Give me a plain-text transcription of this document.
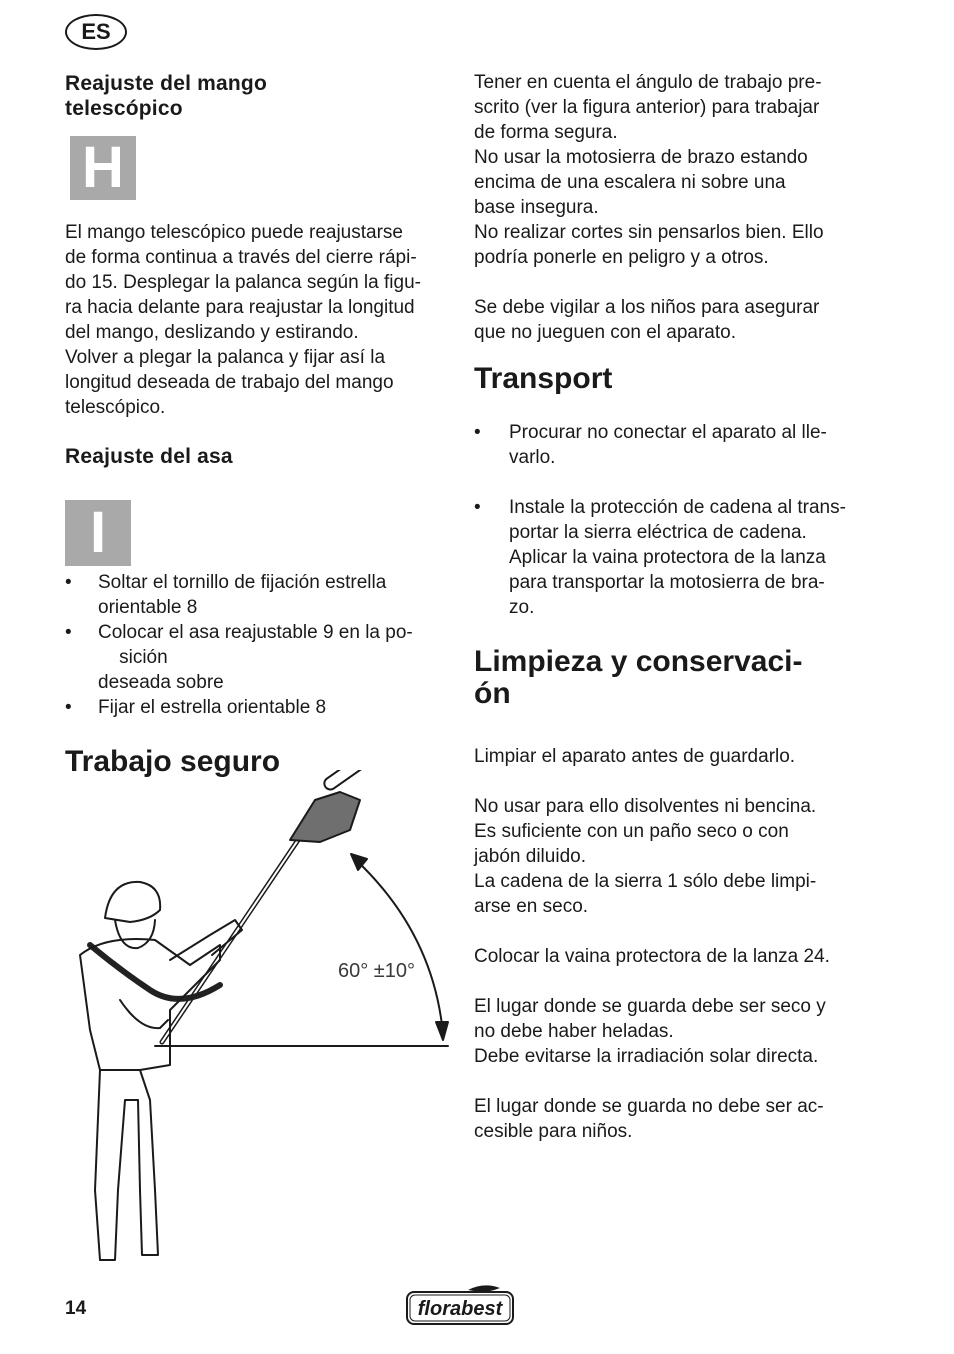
ES
Reajuste del mango telescópico
H
El mango telescópico puede reajustarse
de forma continua a través del cierre rápi-
do 15. Desplegar la palanca según la figu-
ra hacia delante para reajustar la longitud
del mango, deslizando y estirando.
Volver a plegar la palanca y fijar así la
longitud deseada de trabajo del mango
telescópico.
Reajuste del asa
I
• Soltar el tornillo de fijación estrella
orientable 8
• Colocar el asa reajustable 9 en la po-
sición
deseada sobre
• Fijar el estrella orientable 8
Trabajo seguro
60° ±10°
Tener en cuenta el ángulo de trabajo pre-
scrito (ver la figura anterior) para trabajar
de forma segura.
No usar la motosierra de brazo estando
encima de una escalera ni sobre una
base insegura.
No realizar cortes sin pensarlos bien. Ello
podría ponerle en peligro y a otros.
Se debe vigilar a los niños para asegurar
que no jueguen con el aparato.
Transport
• Procurar no conectar el aparato al lle-
varlo.
• Instale la protección de cadena al trans-
portar la sierra eléctrica de cadena.
Aplicar la vaina protectora de la lanza
para transportar la motosierra de bra-
zo.
Limpieza y conservaci-
ón
Limpiar el aparato antes de guardarlo.
No usar para ello disolventes ni bencina.
Es suficiente con un paño seco o con
jabón diluido.
La cadena de la sierra 1 sólo debe limpi-
arse en seco.
Colocar la vaina protectora de la lanza 24.
El lugar donde se guarda debe ser seco y
no debe haber heladas.
Debe evitarse la irradiación solar directa.
El lugar donde se guarda no debe ser ac-
cesible para niños.
14	florabest
